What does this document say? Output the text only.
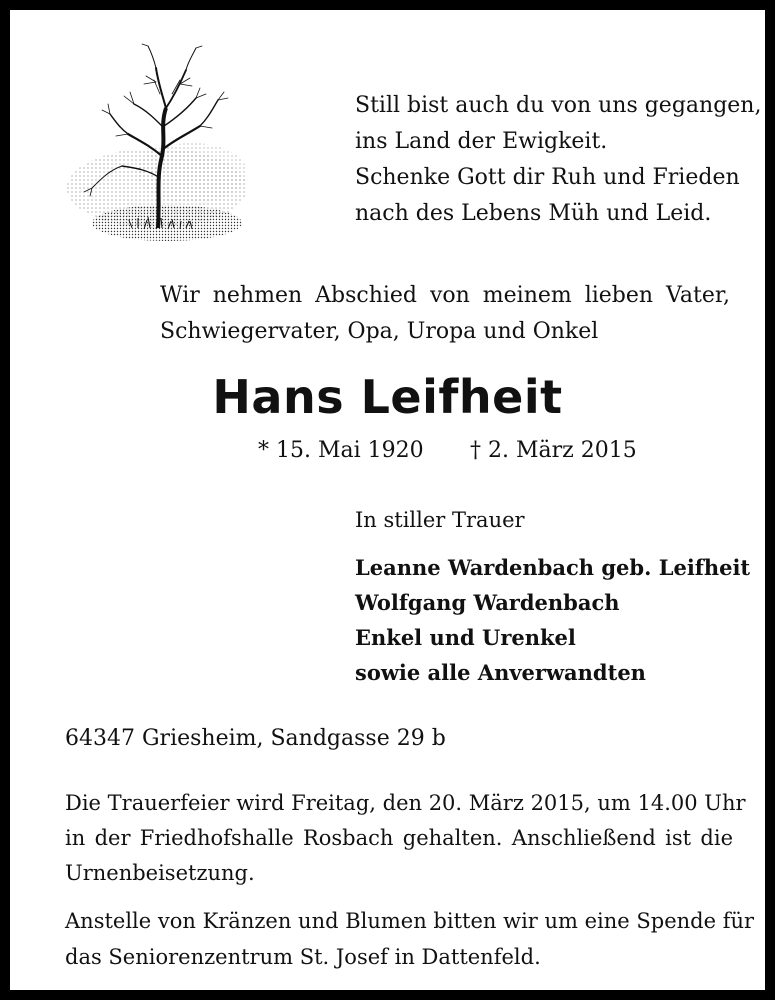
Still bist auch du von uns gegangen,
ins Land der Ewigkeit.
Schenke Gott dir Ruh und Frieden
nach des Lebens Müh und Leid.
Wir nehmen Abschied von meinem lieben Vater,
Schwiegervater, Opa, Uropa und Onkel
Hans Leifheit
* 15. Mai 1920 † 2. März 2015
In stiller Trauer
Leanne Wardenbach geb. Leifheit
Wolfgang Wardenbach
Enkel und Urenkel
sowie alle Anverwandten
64347 Griesheim, Sandgasse 29 b
Die Trauerfeier wird Freitag, den 20. März 2015, um 14.00 Uhr
in der Friedhofshalle Rosbach gehalten. Anschließend ist die
Urnenbeisetzung.
Anstelle von Kränzen und Blumen bitten wir um eine Spende für
das Seniorenzentrum St. Josef in Dattenfeld.
